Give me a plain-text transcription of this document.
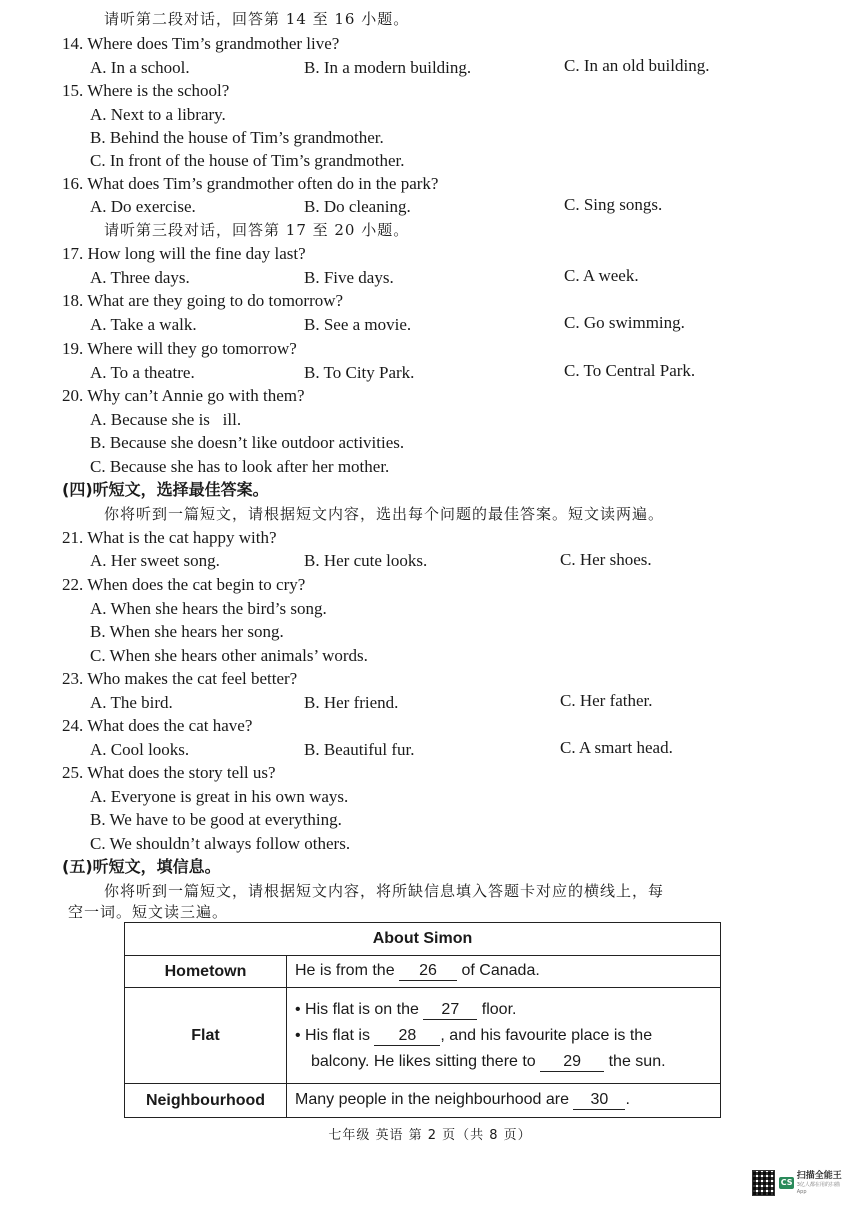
请听第二段对话，回答第 14 至 16 小题。
14. Where does Tim’s grandmother live?
A. In a school.	B. In a modern building.	C. In an old building.
15. Where is the school?
A. Next to a library.
B. Behind the house of Tim’s grandmother.
C. In front of the house of Tim’s grandmother.
16. What does Tim’s grandmother often do in the park?
A. Do exercise.	B. Do cleaning.	C. Sing songs.
请听第三段对话，回答第 17 至 20 小题。
17. How long will the fine day last?
A. Three days.	B. Five days.	C. A week.
18. What are they going to do tomorrow?
A. Take a walk.	B. See a movie.	C. Go swimming.
19. Where will they go tomorrow?
A. To a theatre.	B. To City Park.	C. To Central Park.
20. Why can’t Annie go with them?
A. Because she is   ill.
B. Because she doesn’t like outdoor activities.
C. Because she has to look after her mother.
(四)听短文，选择最佳答案。
你将听到一篇短文，请根据短文内容，选出每个问题的最佳答案。短文读两遍。
21. What is the cat happy with?
A. Her sweet song.	B. Her cute looks.	C. Her shoes.
22. When does the cat begin to cry?
A. When she hears the bird’s song.
B. When she hears her song.
C. When she hears other animals’ words.
23. Who makes the cat feel better?
A. The bird.	B. Her friend.	C. Her father.
24. What does the cat have?
A. Cool looks.	B. Beautiful fur.	C. A smart head.
25. What does the story tell us?
A. Everyone is great in his own ways.
B. We have to be good at everything.
C. We shouldn’t always follow others.
(五)听短文，填信息。
你将听到一篇短文，请根据短文内容，将所缺信息填入答题卡对应的横线上，每
空一词。短文读三遍。
About Simon	
Hometown	He is from the 26 of Canada.
Flat	• His flat is on the 27 floor.
• His flat is 28 , and his favourite place is the
balcony. He likes sitting there to 29 the sun.

Neighbourhood	Many people in the neighbourhood are 30 .
七年级 英语 第 2 页（共 8 页）
CS
扫描全能王
3亿人都在用的扫描App
